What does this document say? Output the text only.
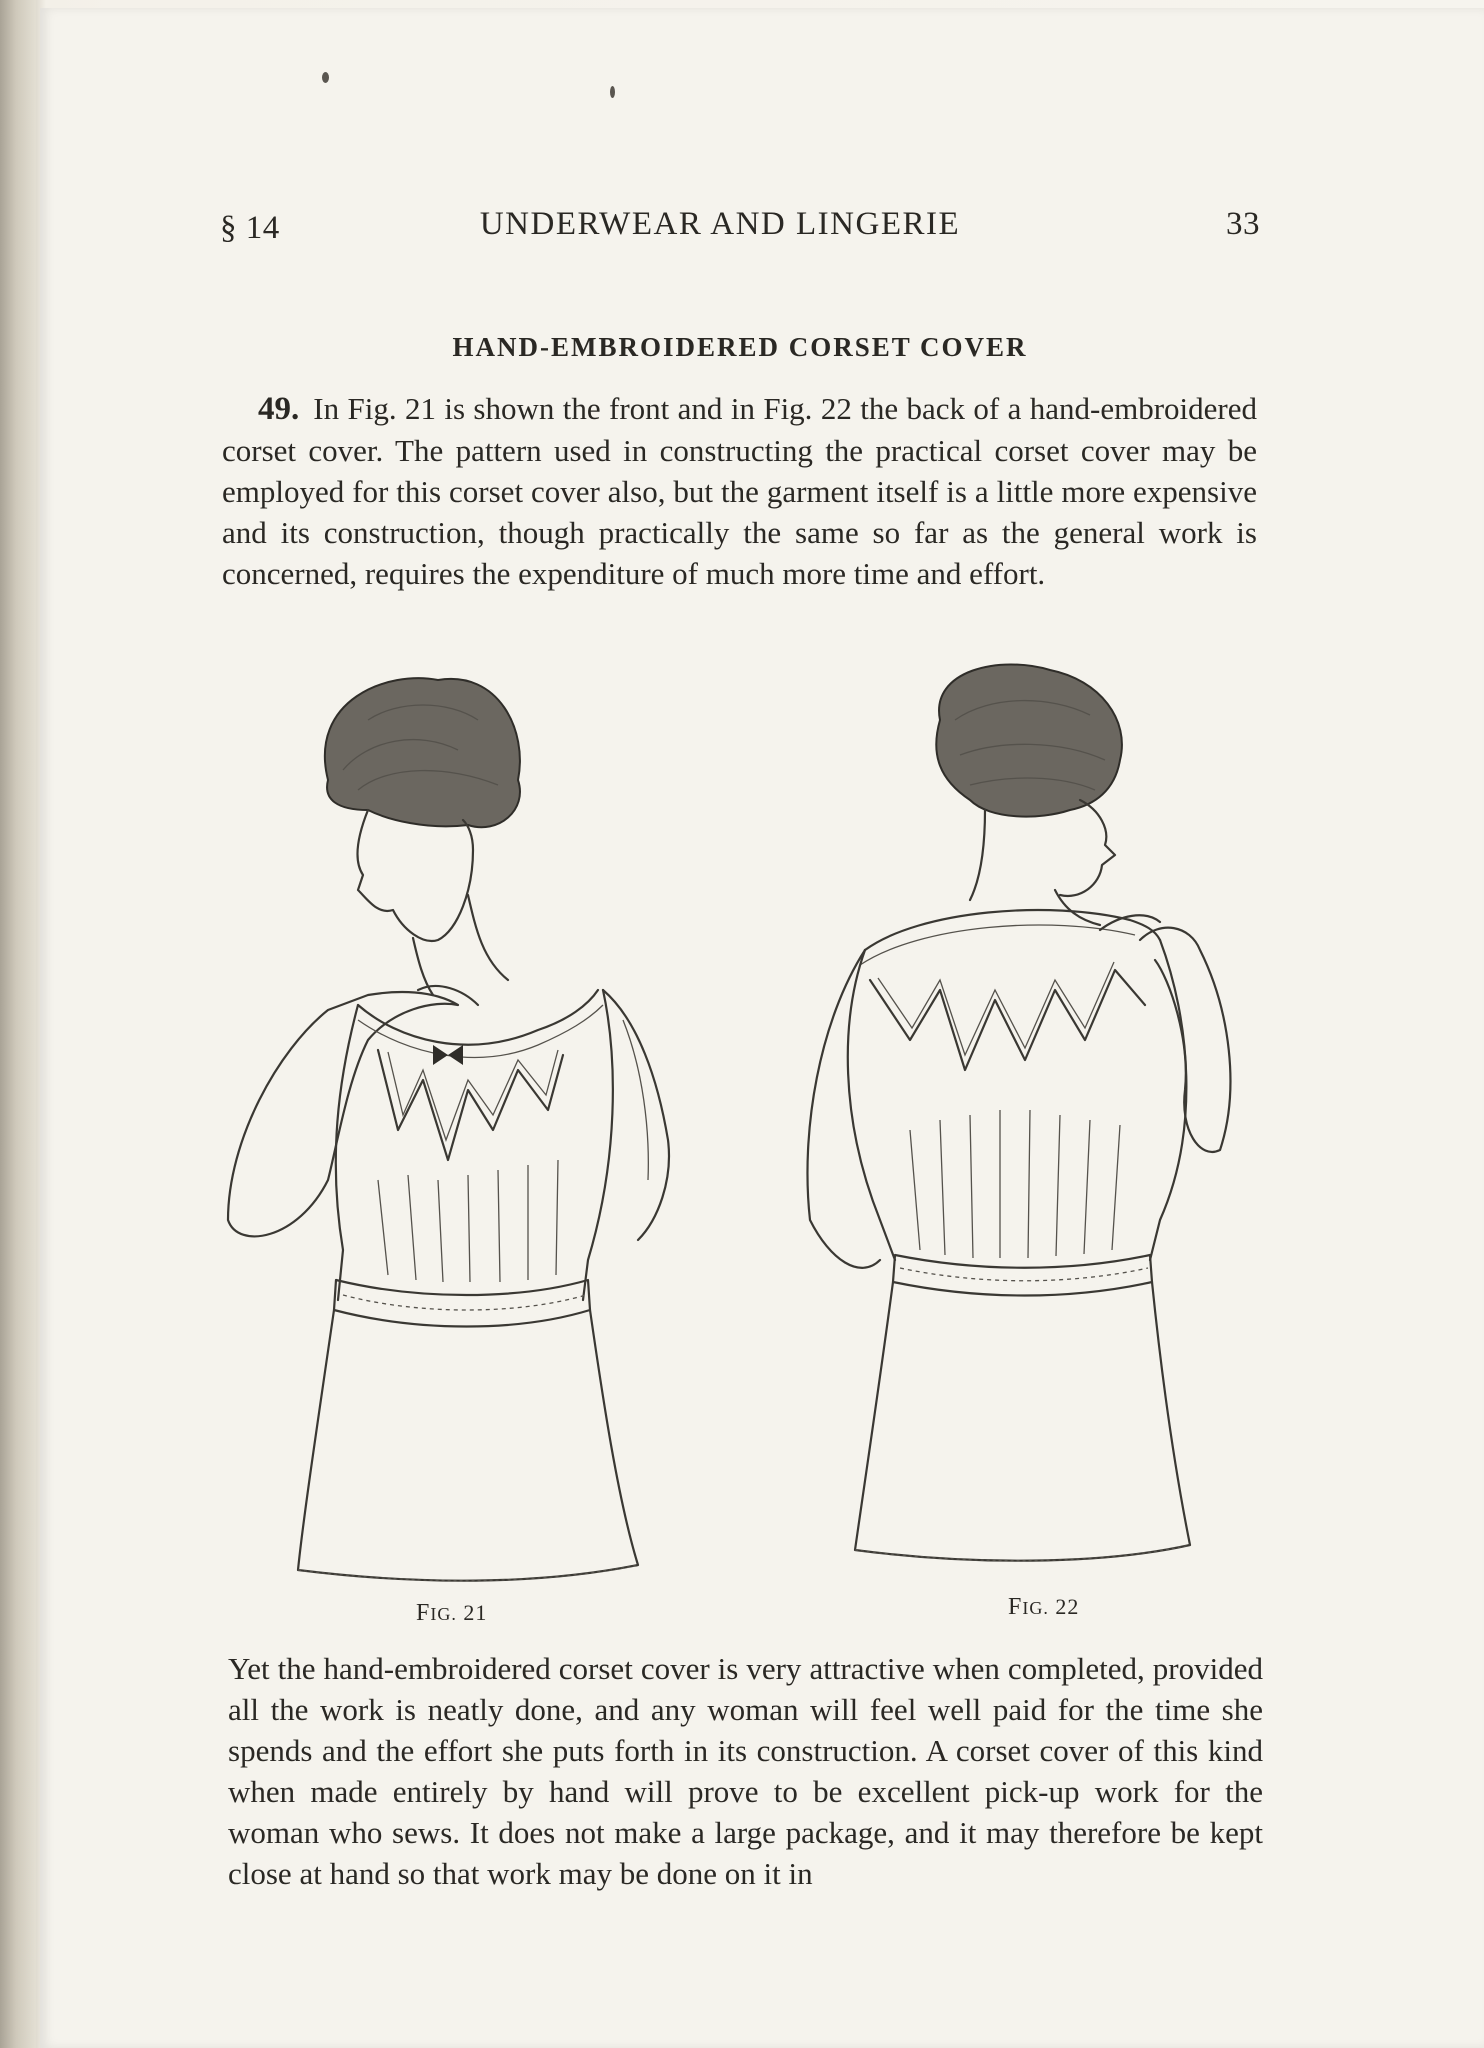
§ 14	UNDERWEAR AND LINGERIE	33
HAND-EMBROIDERED CORSET COVER
49. In Fig. 21 is shown the front and in Fig. 22 the back of a hand-embroidered corset cover. The pattern used in constructing the practical corset cover may be employed for this corset cover also, but the garment itself is a little more expensive and its construction, though practically the same so far as the general work is concerned, requires the expenditure of much more time and effort.
FIG. 21	FIG. 22
Yet the hand-embroidered corset cover is very attractive when completed, provided all the work is neatly done, and any woman will feel well paid for the time she spends and the effort she puts forth in its construction. A corset cover of this kind when made entirely by hand will prove to be excellent pick-up work for the woman who sews. It does not make a large package, and it may therefore be kept close at hand so that work may be done on it in
